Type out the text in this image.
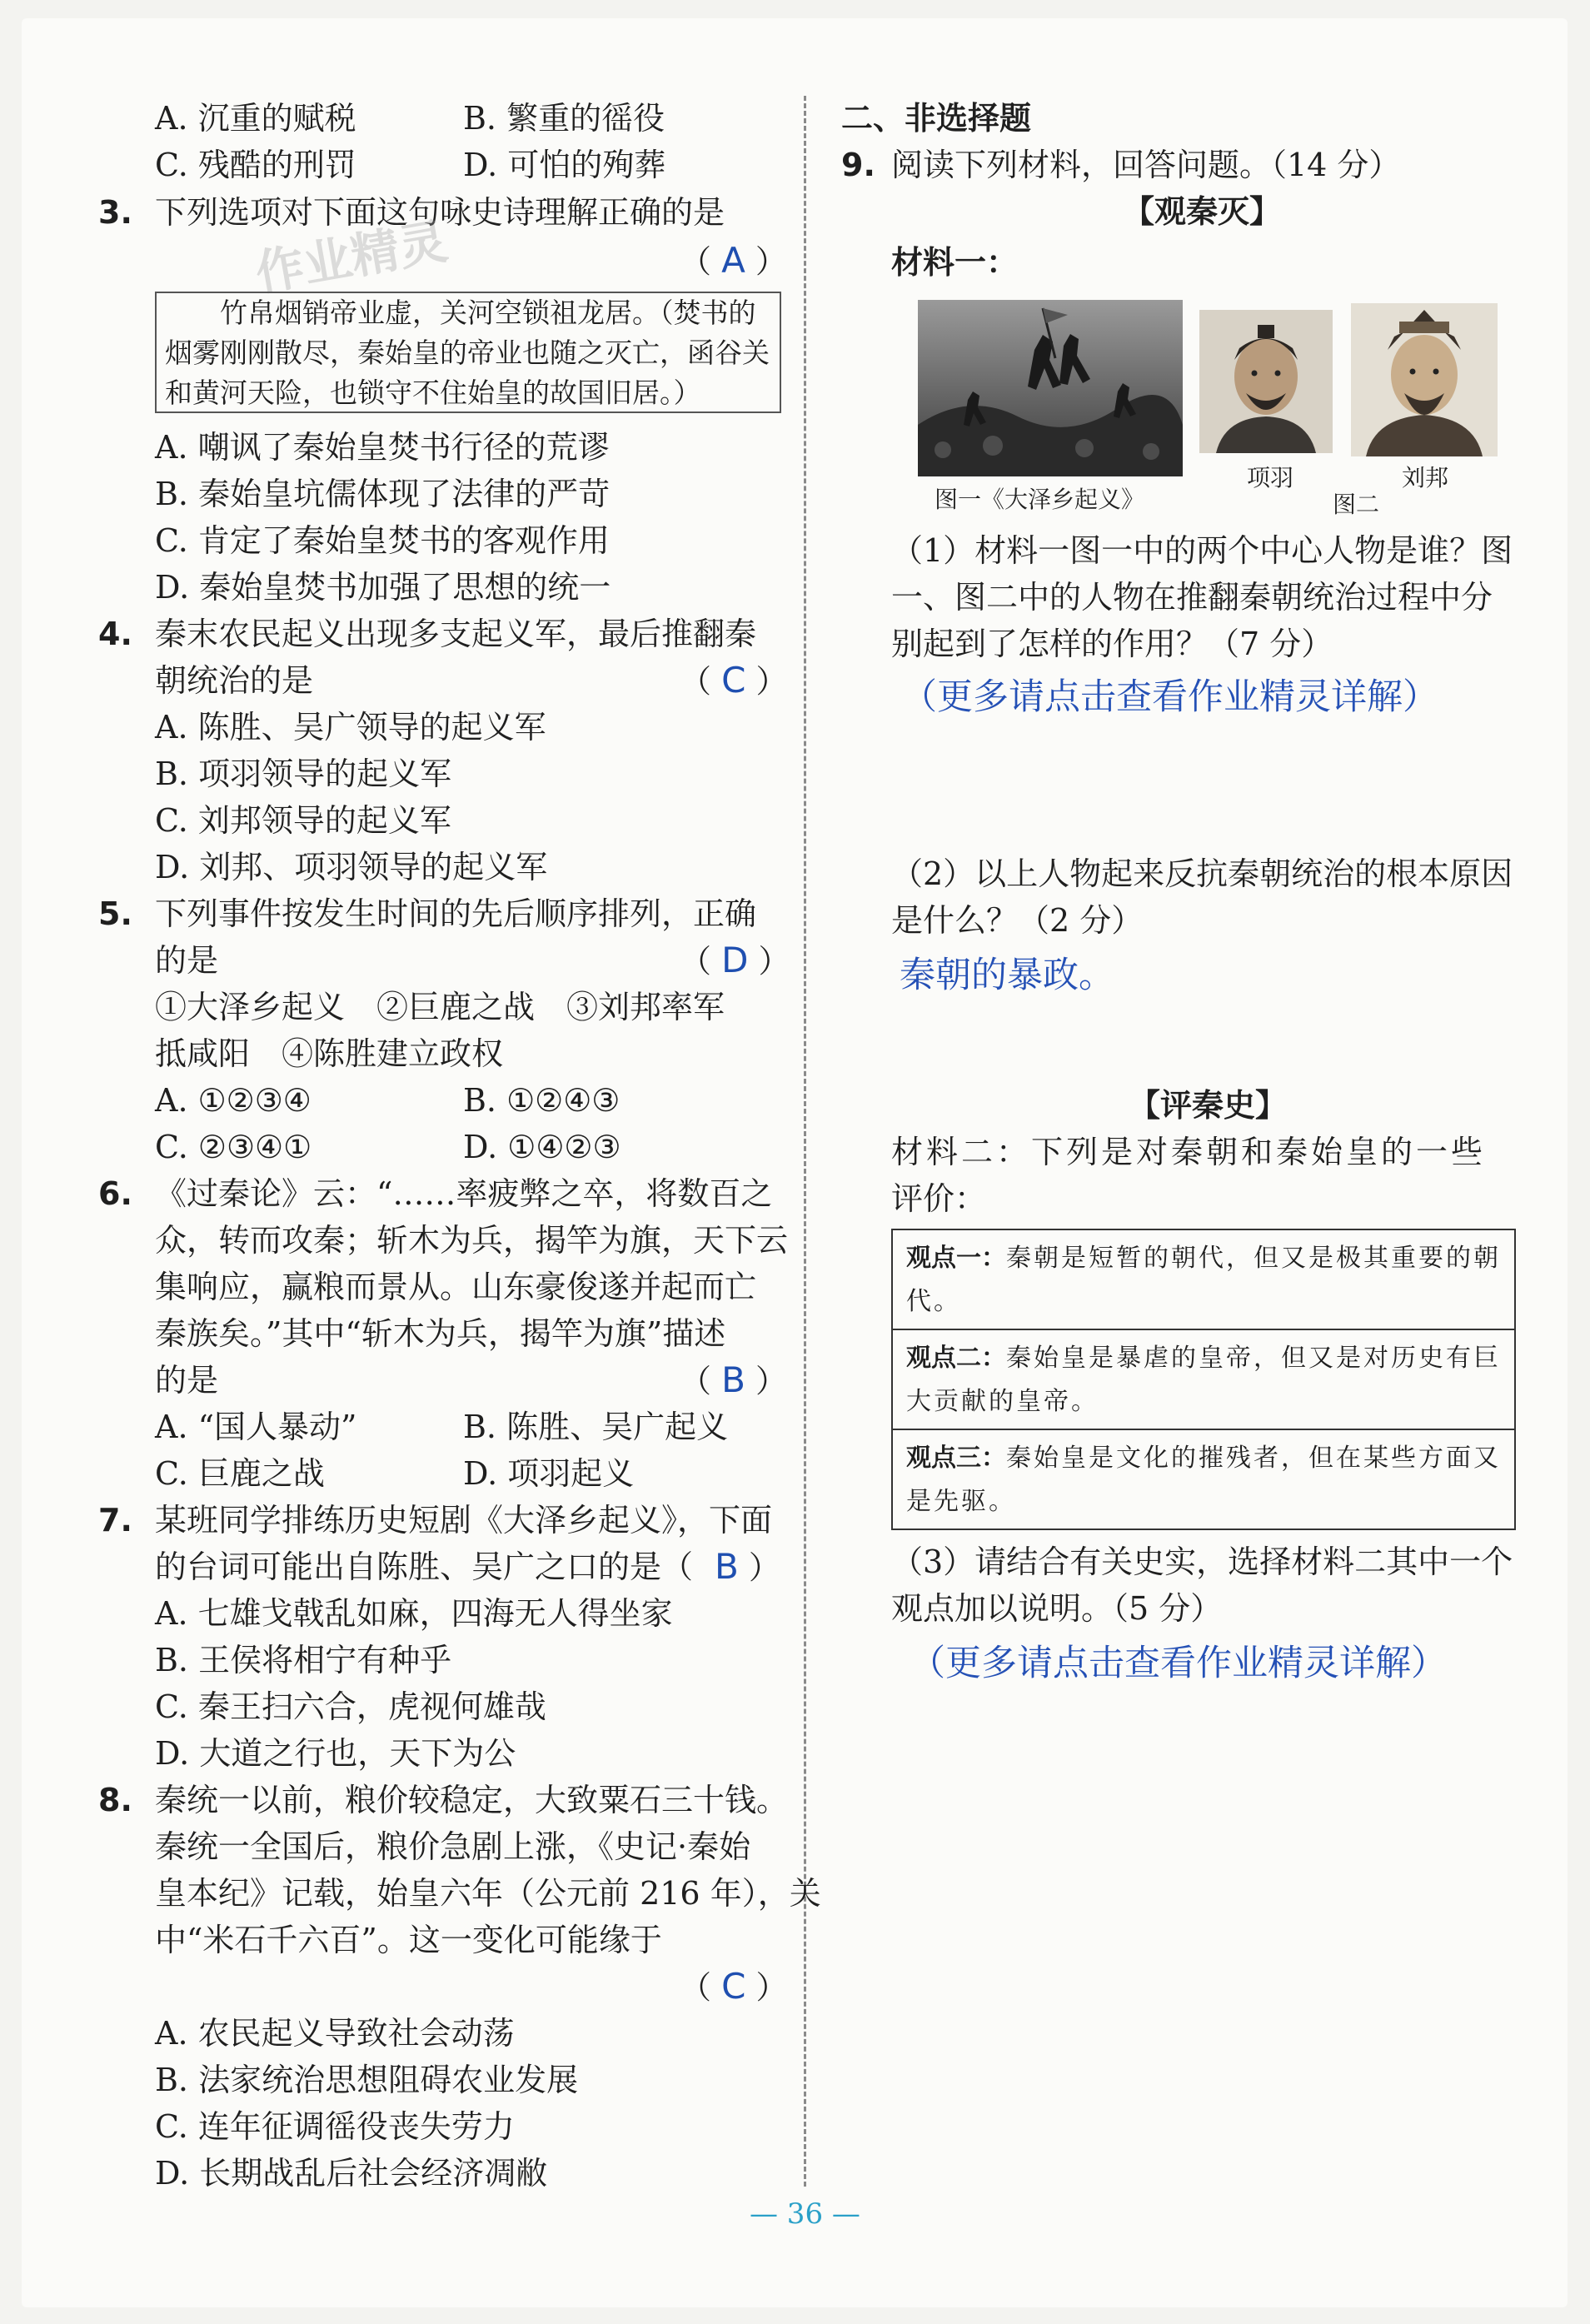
A. 沉重的赋税	B. 繁重的徭役
C. 残酷的刑罚	D. 可怕的殉葬
3. 下列选项对下面这句咏史诗理解正确的是
（ A ）
作业精灵
竹帛烟销帝业虚，关河空锁祖龙居。（焚书的
烟雾刚刚散尽，秦始皇的帝业也随之灭亡，函谷关
和黄河天险，也锁守不住始皇的故国旧居。）
A. 嘲讽了秦始皇焚书行径的荒谬
B. 秦始皇坑儒体现了法律的严苛
C. 肯定了秦始皇焚书的客观作用
D. 秦始皇焚书加强了思想的统一
4. 秦末农民起义出现多支起义军，最后推翻秦
朝统治的是	（ C ）
A. 陈胜、吴广领导的起义军
B. 项羽领导的起义军
C. 刘邦领导的起义军
D. 刘邦、项羽领导的起义军
5. 下列事件按发生时间的先后顺序排列，正确
的是	（ D ）
①大泽乡起义　②巨鹿之战　③刘邦率军
抵咸阳　④陈胜建立政权
A. ①②③④	B. ①②④③
C. ②③④①	D. ①④②③
6. 《过秦论》云：“……率疲弊之卒，将数百之
众，转而攻秦；斩木为兵，揭竿为旗，天下云
集响应，赢粮而景从。山东豪俊遂并起而亡
秦族矣。”其中“斩木为兵，揭竿为旗”描述
的是	（ B ）
A. “国人暴动”	B. 陈胜、吴广起义
C. 巨鹿之战	D. 项羽起义
7. 某班同学排练历史短剧《大泽乡起义》，下面
的台词可能出自陈胜、吴广之口的是（ B ）
A. 七雄戈戟乱如麻，四海无人得坐家
B. 王侯将相宁有种乎
C. 秦王扫六合，虎视何雄哉
D. 大道之行也，天下为公
8. 秦统一以前，粮价较稳定，大致粟石三十钱。
秦统一全国后，粮价急剧上涨，《史记·秦始
皇本纪》记载，始皇六年（公元前 216 年），关
中“米石千六百”。这一变化可能缘于
（ C ）
A. 农民起义导致社会动荡
B. 法家统治思想阻碍农业发展
C. 连年征调徭役丧失劳力
D. 长期战乱后社会经济凋敝
二、非选择题
9. 阅读下列材料，回答问题。（14 分）
【观秦灭】
材料一：
图一《大泽乡起义》
项羽	刘邦
图二
（1）材料一图一中的两个中心人物是谁？图
一、图二中的人物在推翻秦朝统治过程中分
别起到了怎样的作用？（7 分）
（更多请点击查看作业精灵详解）
（2）以上人物起来反抗秦朝统治的根本原因
是什么？（2 分）
秦朝的暴政。
【评秦史】
材料二：下列是对秦朝和秦始皇的一些
评价：
观点一：秦朝是短暂的朝代，但又是极其重要的朝代。
观点二：秦始皇是暴虐的皇帝，但又是对历史有巨大贡献的皇帝。
观点三：秦始皇是文化的摧残者，但在某些方面又是先驱。
（3）请结合有关史实，选择材料二其中一个
观点加以说明。（5 分）
（更多请点击查看作业精灵详解）
— 36 —
